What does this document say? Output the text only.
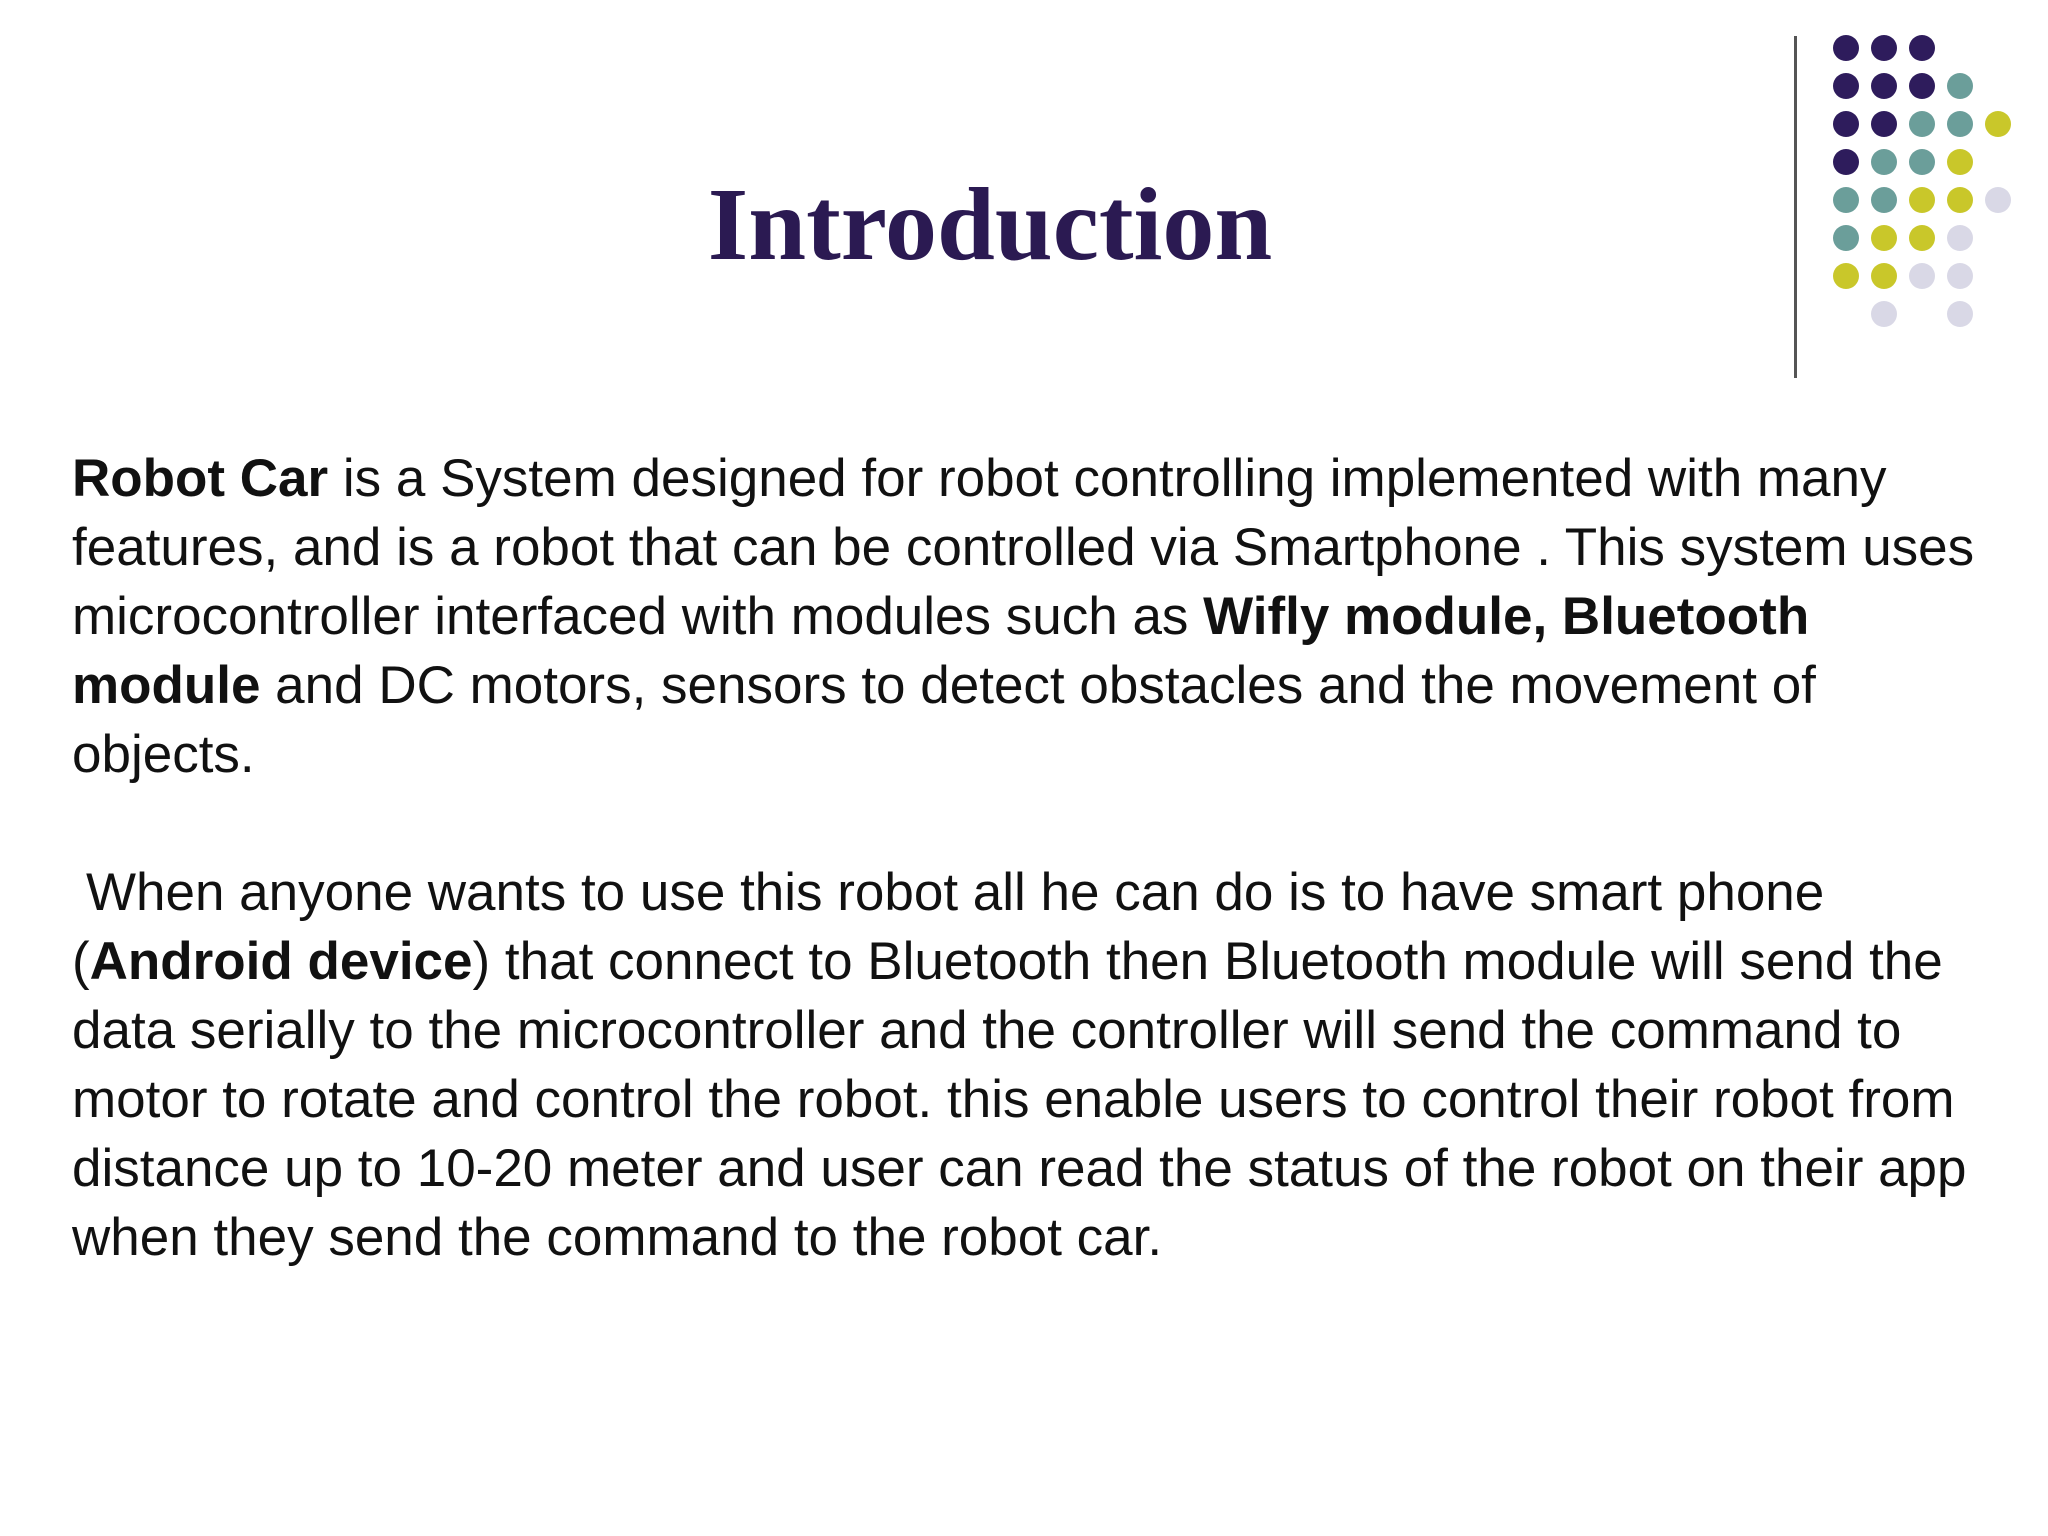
Introduction

Robot Car is a System designed for robot controlling implemented with many features, and is a robot that can be controlled via Smartphone . This system uses microcontroller interfaced with modules such as Wifly module, Bluetooth module and DC motors, sensors to detect obstacles and the movement of objects.

When anyone wants to use this robot all he can do is to have smart phone (Android device) that connect to Bluetooth then Bluetooth module will send the data serially to the microcontroller and the controller will send the command to motor to rotate and control the robot. this enable users to control their robot from distance up to 10-20 meter and user can read the status of the robot on their app when they send the command to the robot car.
